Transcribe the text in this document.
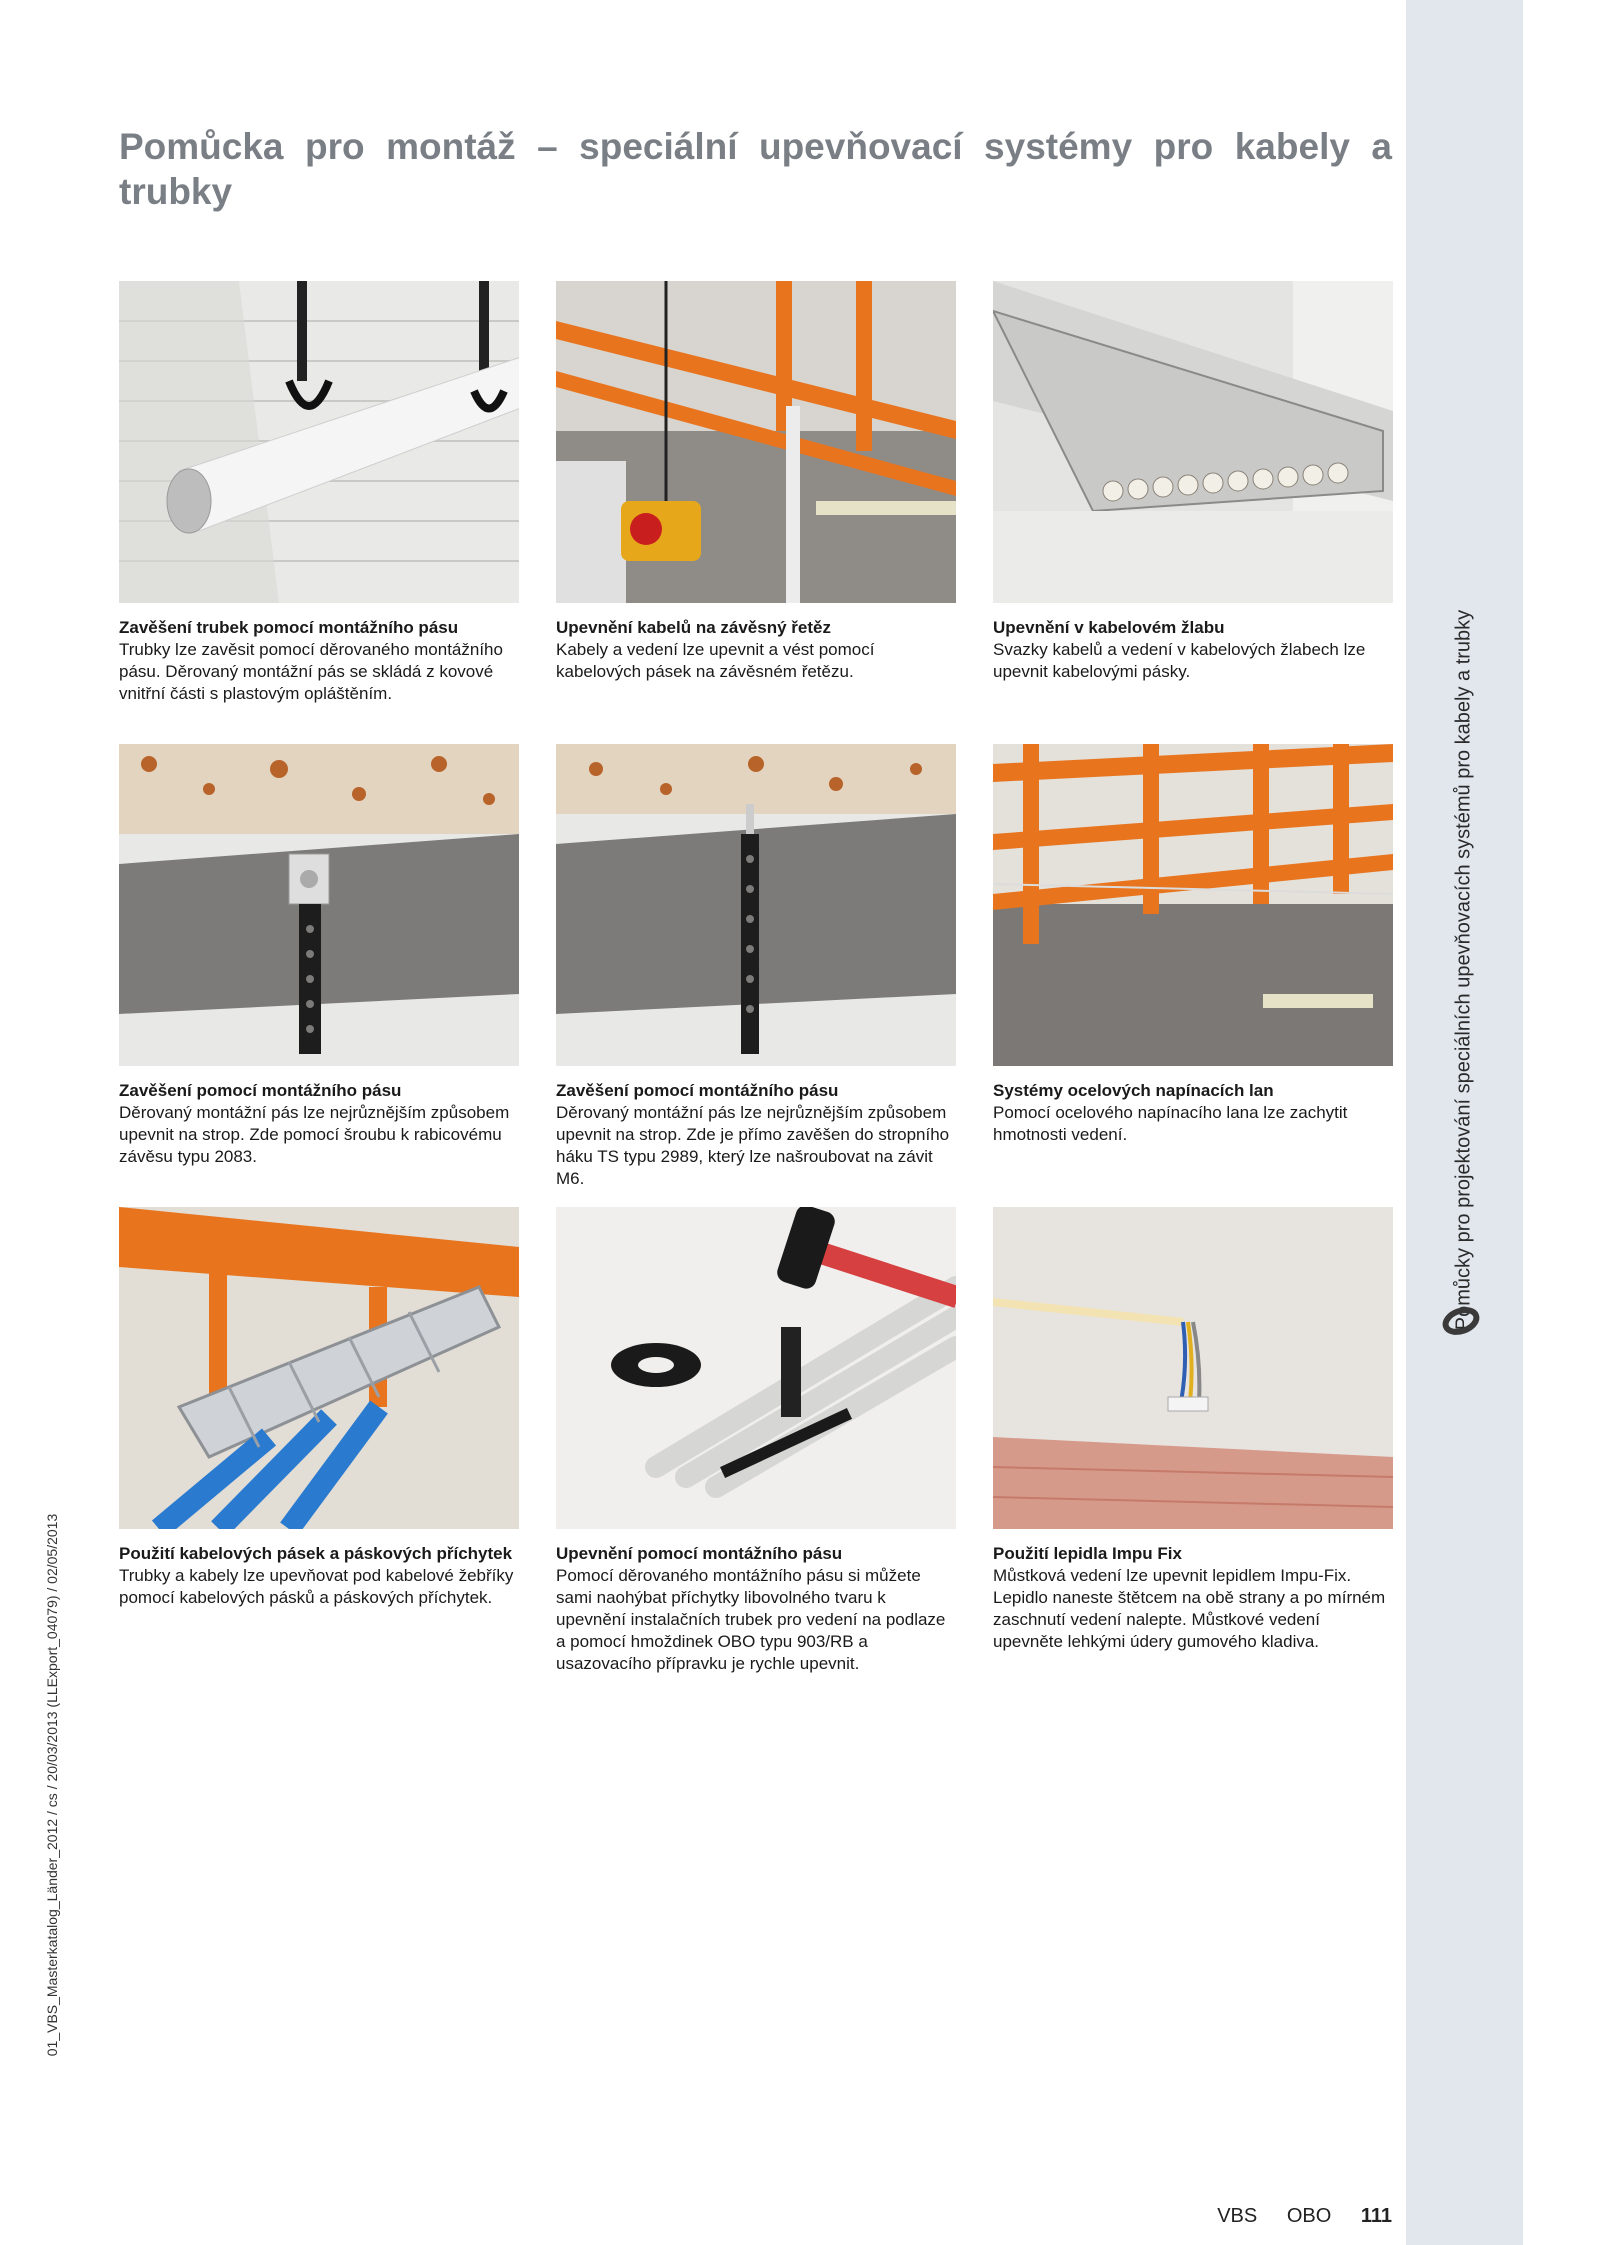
Pomůcky pro projektování speciálních upevňovacích systémů pro kabely a trubky
01_VBS_Masterkatalog_Länder_2012 / cs / 20/03/2013 (LLExport_04079) / 02/05/2013
Pomůcka pro montáž – speciální upevňovací systémy pro kabely a trubky
Zavěšení trubek pomocí montážního pásu

Trubky lze zavěsit pomocí děrovaného montážního pásu. Děrovaný montážní pás se skládá z kovové vnitřní části s plastovým opláštěním.

Upevnění kabelů na závěsný řetěz

Kabely a vedení lze upevnit a vést pomocí kabelových pásek na závěsném řetězu.

Upevnění v kabelovém žlabu

Svazky kabelů a vedení v kabelových žlabech lze upevnit kabelovými pásky.

Zavěšení pomocí montážního pásu

Děrovaný montážní pás lze nejrůznějším způsobem upevnit na strop. Zde pomocí šroubu k rabicovému závěsu typu 2083.

Zavěšení pomocí montážního pásu

Děrovaný montážní pás lze nejrůznějším způsobem upevnit na strop. Zde je přímo zavěšen do stropního háku TS typu 2989, který lze našroubovat na závit M6.

Systémy ocelových napínacích lan

Pomocí ocelového napínacího lana lze zachytit hmotnosti vedení.

Použití kabelových pásek a páskových příchytek

Trubky a kabely lze upevňovat pod kabelové žebříky pomocí kabelových pásků a páskových příchytek.

Upevnění pomocí montážního pásu

Pomocí děrovaného montážního pásu si můžete sami naohýbat příchytky libovolného tvaru k upevnění instalačních trubek pro vedení na podlaze a pomocí hmoždinek OBO typu 903/RB a usazovacího přípravku je rychle upevnit.

Použití lepidla Impu Fix

Můstková vedení lze upevnit lepidlem Impu-Fix. Lepidlo naneste štětcem na obě strany a po mírném zaschnutí vedení nalepte. Můstkové vedení upevněte lehkými údery gumového kladiva.

VBS OBO 111
